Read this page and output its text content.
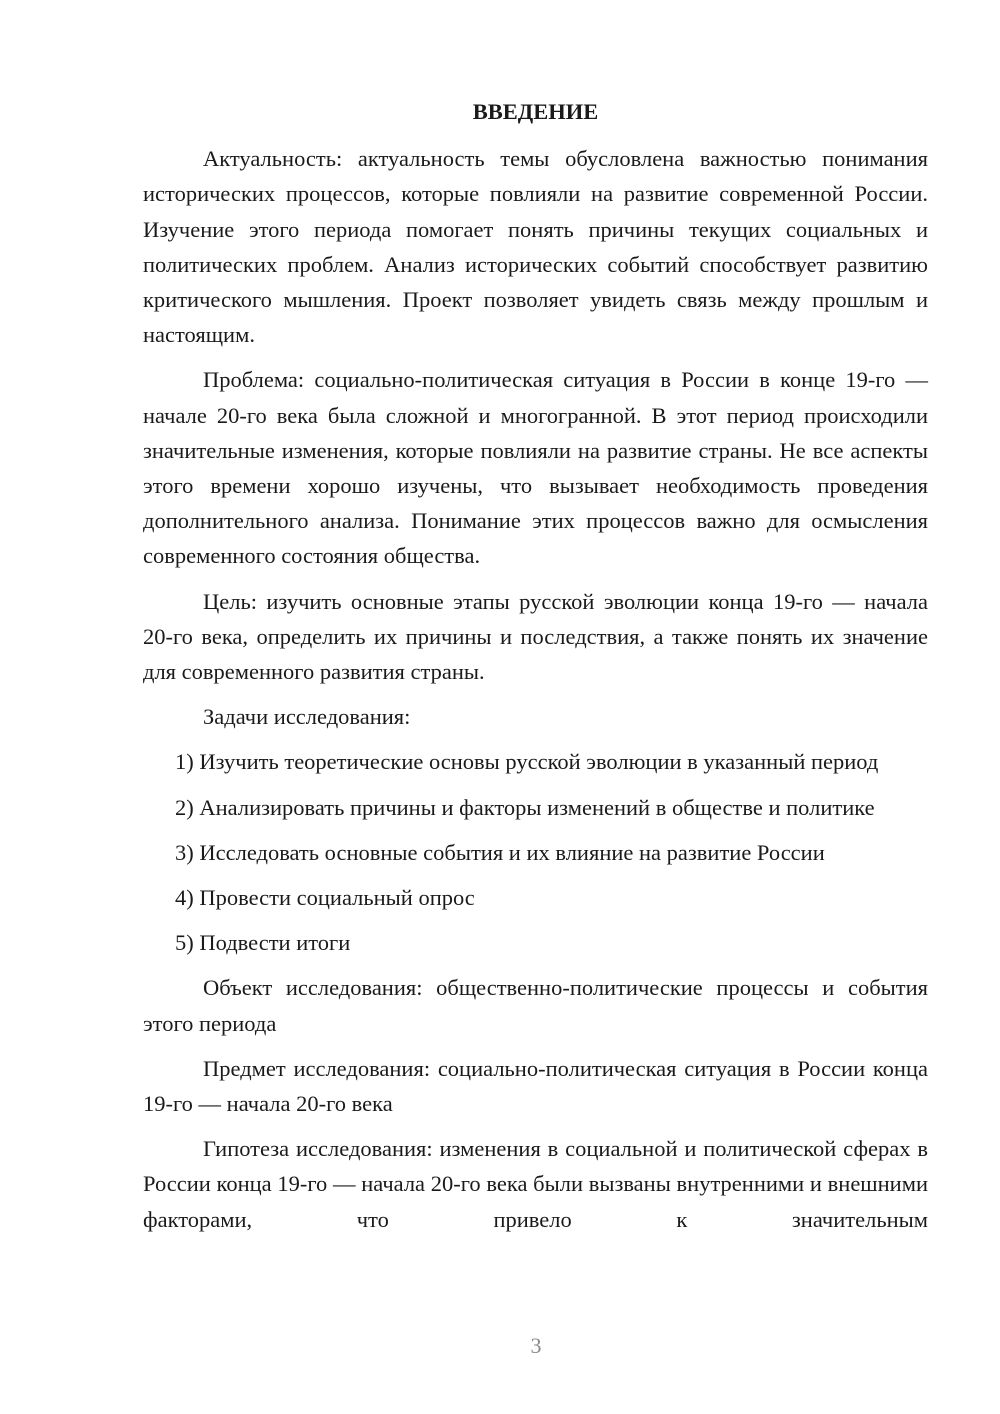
ВВЕДЕНИЕ

Актуальность: актуальность темы обусловлена важностью понимания исторических процессов, которые повлияли на развитие современной России. Изучение этого периода помогает понять причины текущих социальных и политических проблем. Анализ исторических событий способствует развитию критического мышления. Проект позволяет увидеть связь между прошлым и настоящим.

Проблема: социально-политическая ситуация в России в конце 19-го — начале 20-го века была сложной и многогранной. В этот период происходили значительные изменения, которые повлияли на развитие страны. Не все аспекты этого времени хорошо изучены, что вызывает необходимость проведения дополнительного анализа. Понимание этих процессов важно для осмысления современного состояния общества.

Цель: изучить основные этапы русской эволюции конца 19-го — начала 20-го века, определить их причины и последствия, а также понять их значение для современного развития страны.

Задачи исследования:

1) Изучить теоретические основы русской эволюции в указанный период

2) Анализировать причины и факторы изменений в обществе и политике

3) Исследовать основные события и их влияние на развитие России

4) Провести социальный опрос

5) Подвести итоги

Объект исследования: общественно-политические процессы и события этого периода

Предмет исследования: социально-политическая ситуация в России конца 19-го — начала 20-го века

Гипотеза исследования: изменения в социальной и политической сферах в России конца 19-го — начала 20-го века были вызваны внутренними и внешними факторами, что привело к значительным

3
